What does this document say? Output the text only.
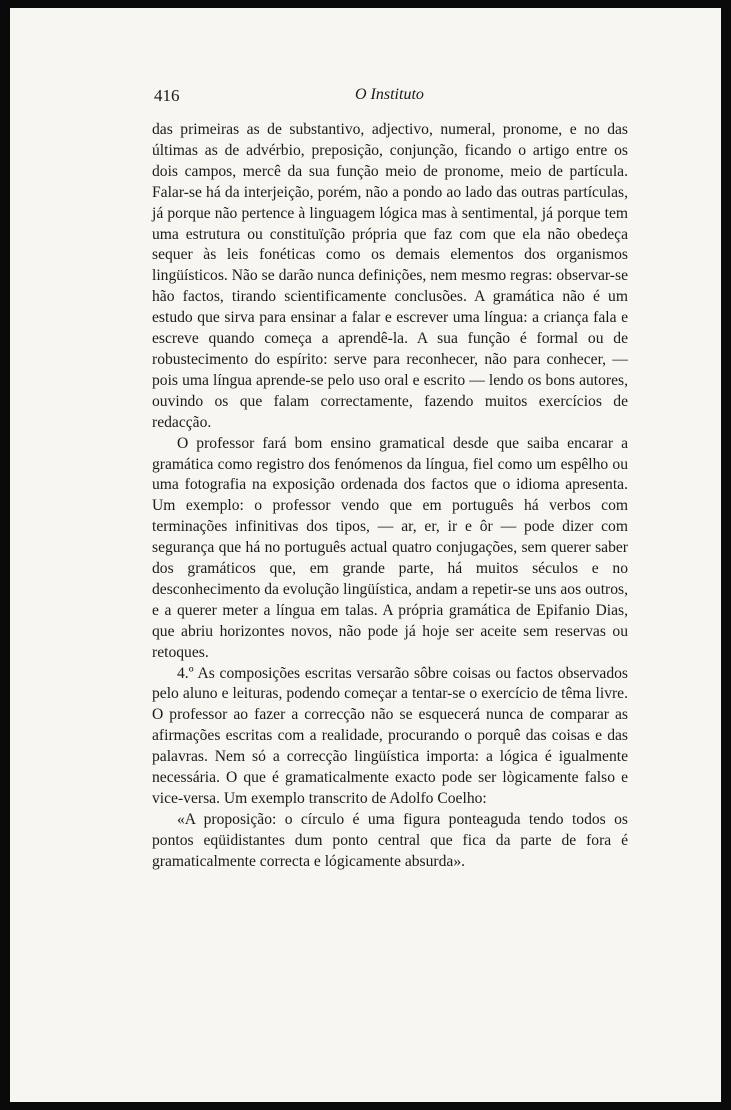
416	O Instituto

das primeiras as de substantivo, adjectivo, numeral, pronome, e no das últimas as de advérbio, preposição, conjunção, ficando o artigo entre os dois campos, mercê da sua função meio de pronome, meio de partícula. Falar-se há da interjeição, porém, não a pondo ao lado das outras partículas, já porque não pertence à linguagem lógica mas à sentimental, já porque tem uma estrutura ou constituïção própria que faz com que ela não obedeça sequer às leis fonéticas como os demais elementos dos organismos lingüísticos. Não se darão nunca definições, nem mesmo regras: observar-se hão factos, tirando scientificamente conclusões. A gramática não é um estudo que sirva para ensinar a falar e escrever uma língua: a criança fala e escreve quando começa a aprendê-la. A sua função é formal ou de robustecimento do espírito: serve para reconhecer, não para conhecer, — pois uma língua aprende-se pelo uso oral e escrito — lendo os bons autores, ouvindo os que falam correctamente, fazendo muitos exercícios de redacção.

O professor fará bom ensino gramatical desde que saiba encarar a gramática como registro dos fenómenos da língua, fiel como um espêlho ou uma fotografia na exposição ordenada dos factos que o idioma apresenta. Um exemplo: o professor vendo que em português há verbos com terminações infinitivas dos tipos, — ar, er, ir e ôr — pode dizer com segurança que há no português actual quatro conjugações, sem querer saber dos gramáticos que, em grande parte, há muitos séculos e no desconhecimento da evolução lingüística, andam a repetir-se uns aos outros, e a querer meter a língua em talas. A própria gramática de Epifanio Dias, que abriu horizontes novos, não pode já hoje ser aceite sem reservas ou retoques.

4.º As composições escritas versarão sôbre coisas ou factos observados pelo aluno e leituras, podendo começar a tentar-se o exercício de têma livre. O professor ao fazer a correcção não se esquecerá nunca de comparar as afirmações escritas com a realidade, procurando o porquê das coisas e das palavras. Nem só a correcção lingüística importa: a lógica é igualmente necessária. O que é gramaticalmente exacto pode ser lògicamente falso e vice-versa. Um exemplo transcrito de Adolfo Coelho:

«A proposição: o círculo é uma figura ponteaguda tendo todos os pontos eqüidistantes dum ponto central que fica da parte de fora é gramaticalmente correcta e lógicamente absurda».
